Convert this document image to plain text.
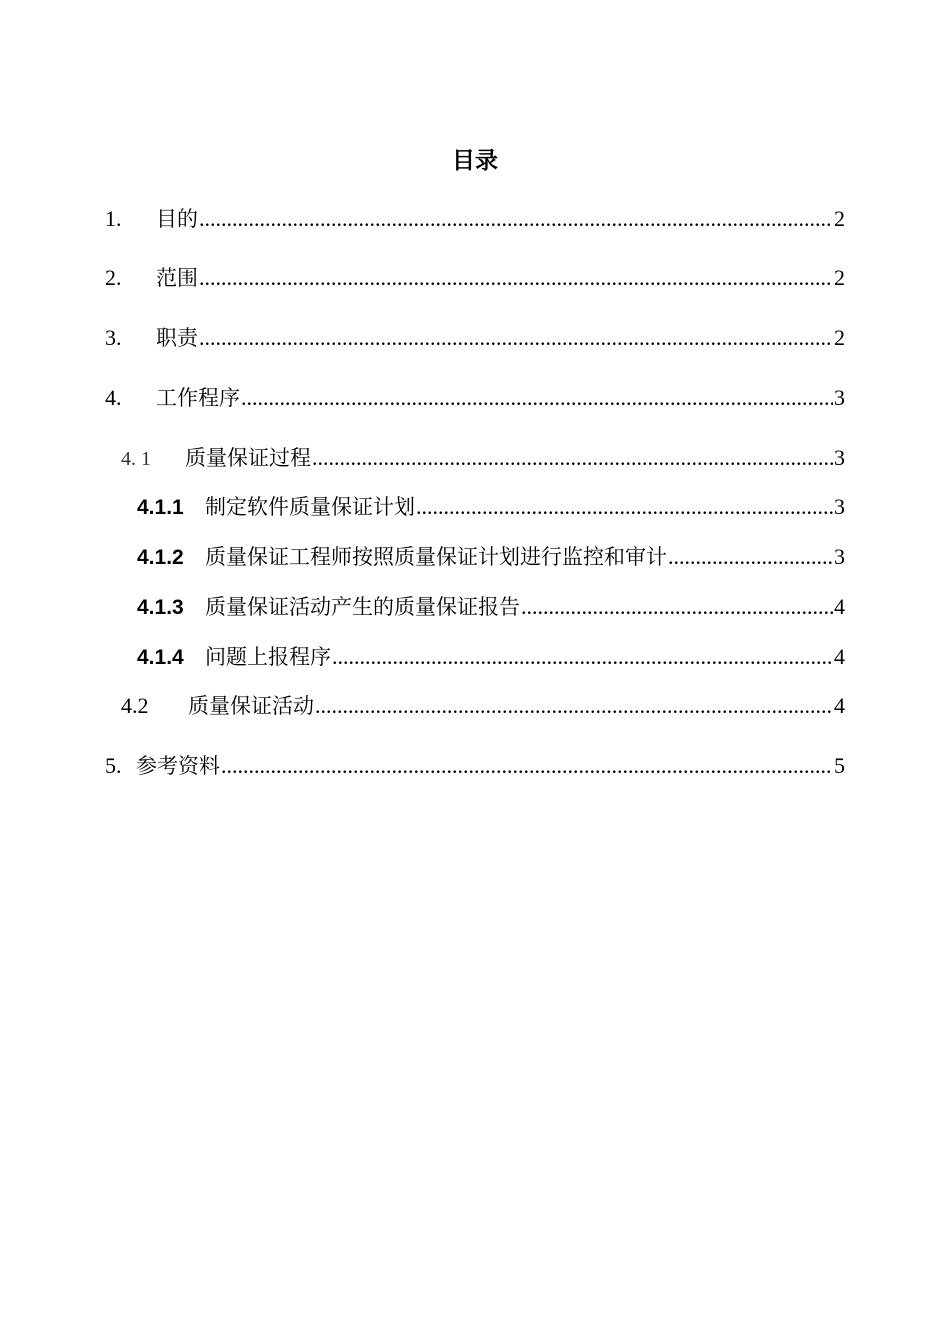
目录
1.	目的 .....	2
2.	范围 .....	2
3.	职责 .....	2
4.	工作程序 .....	3
4. 1	质量保证过程 .....	3
4.1.1	制定软件质量保证计划 .....	3
4.1.2	质量保证工程师按照质量保证计划进行监控和审计 .....	3
4.1.3	质量保证活动产生的质量保证报告 .....	4
4.1.4	问题上报程序 .....	4
4.2	质量保证活动 .....	4
5. 参考资料 .....	5
